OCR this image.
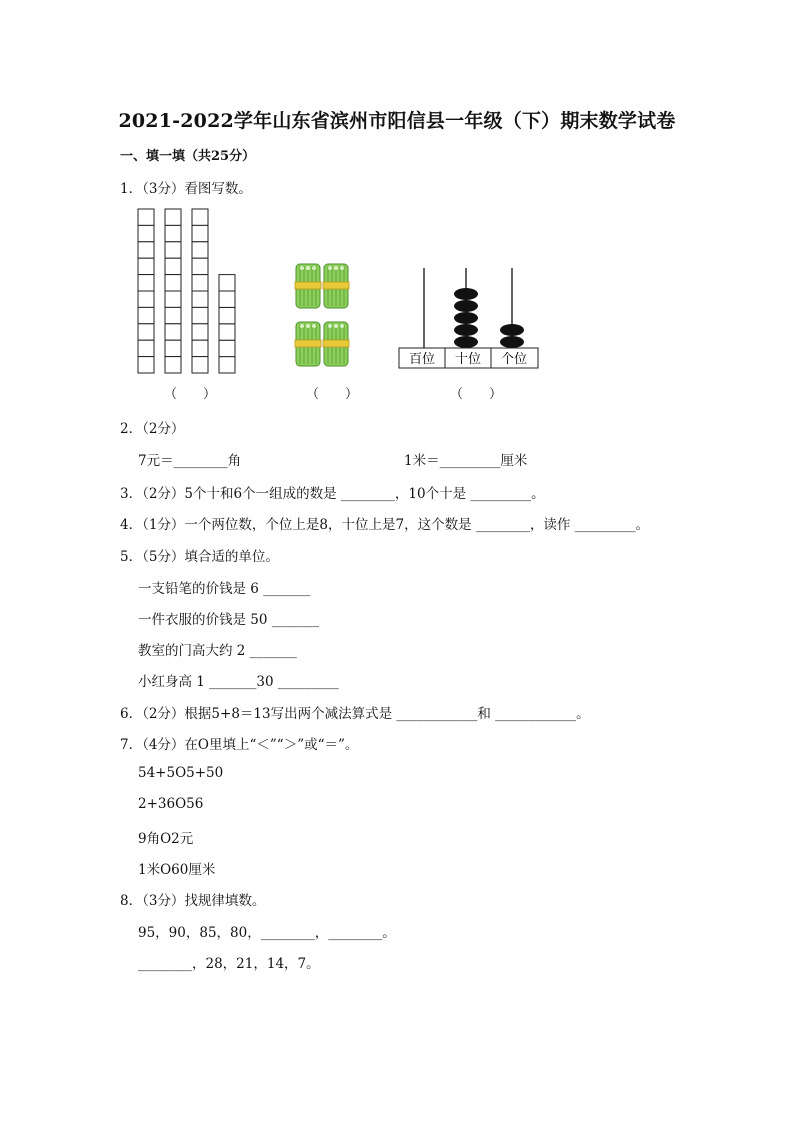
2021-2022学年山东省滨州市阳信县一年级（下）期末数学试卷
一、填一填（共25分）
1．（3分）看图写数。
百位 十位 个位
（　　）	（　　）	（　　）
2．（2分）
7元＝________角	1米＝_________厘米
3．（2分）5个十和6个一组成的数是 ________，10个十是 _________。
4．（1分）一个两位数，个位上是8，十位上是7，这个数是 ________，读作 _________。
5．（5分）填合适的单位。
一支铅笔的价钱是 6 _______
一件衣服的价钱是 50 _______
教室的门高大约 2 _______
小红身高 1 _______30 _________
6．（2分）根据5+8＝13写出两个减法算式是 ____________和 ____________。
7．（4分）在O里填上“＜”“＞”或“＝”。
54+5O5+50
2+36O56
9角O2元
1米O60厘米
8．（3分）找规律填数。
95，90，85，80，________，________。
________，28，21，14，7。
